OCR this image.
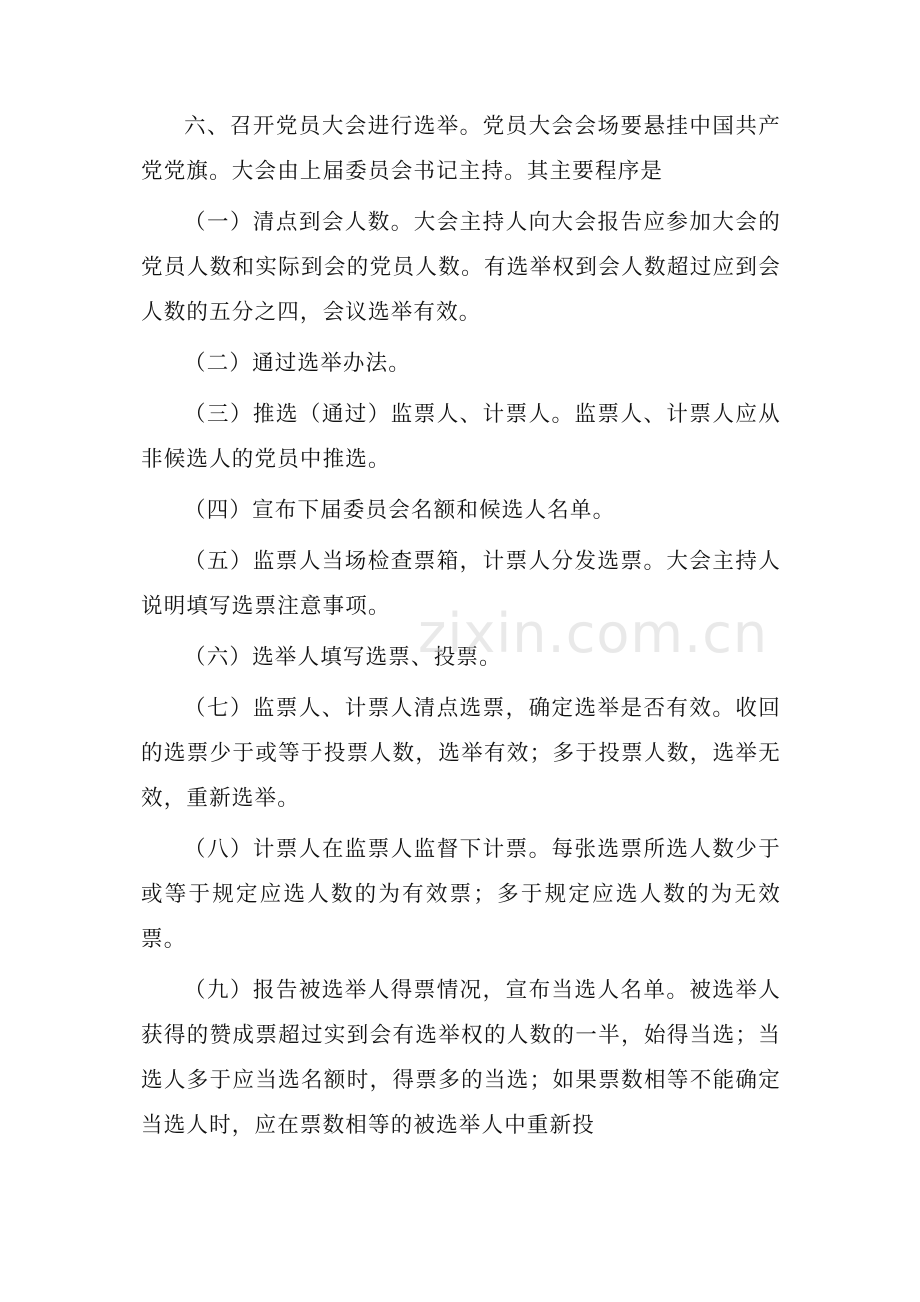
六、召开党员大会进行选举。党员大会会场要悬挂中国共产党党旗。大会由上届委员会书记主持。其主要程序是

（一）清点到会人数。大会主持人向大会报告应参加大会的党员人数和实际到会的党员人数。有选举权到会人数超过应到会人数的五分之四，会议选举有效。

（二）通过选举办法。

（三）推选（通过）监票人、计票人。监票人、计票人应从非候选人的党员中推选。

（四）宣布下届委员会名额和候选人名单。

（五）监票人当场检查票箱，计票人分发选票。大会主持人说明填写选票注意事项。

（六）选举人填写选票、投票。

（七）监票人、计票人清点选票，确定选举是否有效。收回的选票少于或等于投票人数，选举有效；多于投票人数，选举无效，重新选举。

（八）计票人在监票人监督下计票。每张选票所选人数少于或等于规定应选人数的为有效票；多于规定应选人数的为无效票。

（九）报告被选举人得票情况，宣布当选人名单。被选举人获得的赞成票超过实到会有选举权的人数的一半，始得当选；当选人多于应当选名额时，得票多的当选；如果票数相等不能确定当选人时，应在票数相等的被选举人中重新投

zixin.com.cn
